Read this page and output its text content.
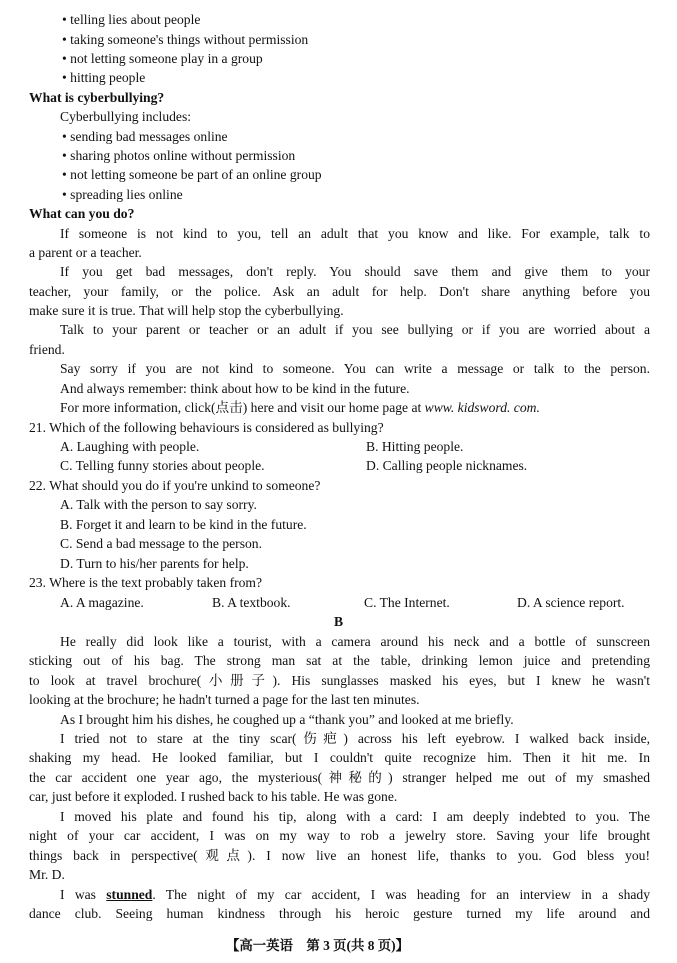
• telling lies about people
• taking someone's things without permission
• not letting someone play in a group
• hitting people
What is cyberbullying?
Cyberbullying includes:
• sending bad messages online
• sharing photos online without permission
• not letting someone be part of an online group
• spreading lies online
What can you do?
If someone is not kind to you, tell an adult that you know and like. For example, talk to
a parent or a teacher.
If you get bad messages, don't reply. You should save them and give them to your
teacher, your family, or the police. Ask an adult for help. Don't share anything before you
make sure it is true. That will help stop the cyberbullying.
Talk to your parent or teacher or an adult if you see bullying or if you are worried about a
friend.
Say sorry if you are not kind to someone. You can write a message or talk to the person.
And always remember: think about how to be kind in the future.
For more information, click(点击) here and visit our home page at www. kidsword. com.
21. Which of the following behaviours is considered as bullying?
A. Laughing with people.	B. Hitting people.
C. Telling funny stories about people.	D. Calling people nicknames.
22. What should you do if you're unkind to someone?
A. Talk with the person to say sorry.
B. Forget it and learn to be kind in the future.
C. Send a bad message to the person.
D. Turn to his/her parents for help.
23. Where is the text probably taken from?
A. A magazine.	B. A textbook.	C. The Internet.	D. A science report.
B
He really did look like a tourist, with a camera around his neck and a bottle of sunscreen
sticking out of his bag. The strong man sat at the table, drinking lemon juice and pretending
to look at travel brochure(小册子). His sunglasses masked his eyes, but I knew he wasn't
looking at the brochure; he hadn't turned a page for the last ten minutes.
As I brought him his dishes, he coughed up a “thank you” and looked at me briefly.
I tried not to stare at the tiny scar(伤疤) across his left eyebrow. I walked back inside,
shaking my head. He looked familiar, but I couldn't quite recognize him. Then it hit me. In
the car accident one year ago, the mysterious(神秘的) stranger helped me out of my smashed
car, just before it exploded. I rushed back to his table. He was gone.
I moved his plate and found his tip, along with a card: I am deeply indebted to you. The
night of your car accident, I was on my way to rob a jewelry store. Saving your life brought
things back in perspective(观点). I now live an honest life, thanks to you. God bless you!
Mr. D.
I was stunned. The night of my car accident, I was heading for an interview in a shady
dance club. Seeing human kindness through his heroic gesture turned my life around and
【高一英语　第 3 页(共 8 页)】
